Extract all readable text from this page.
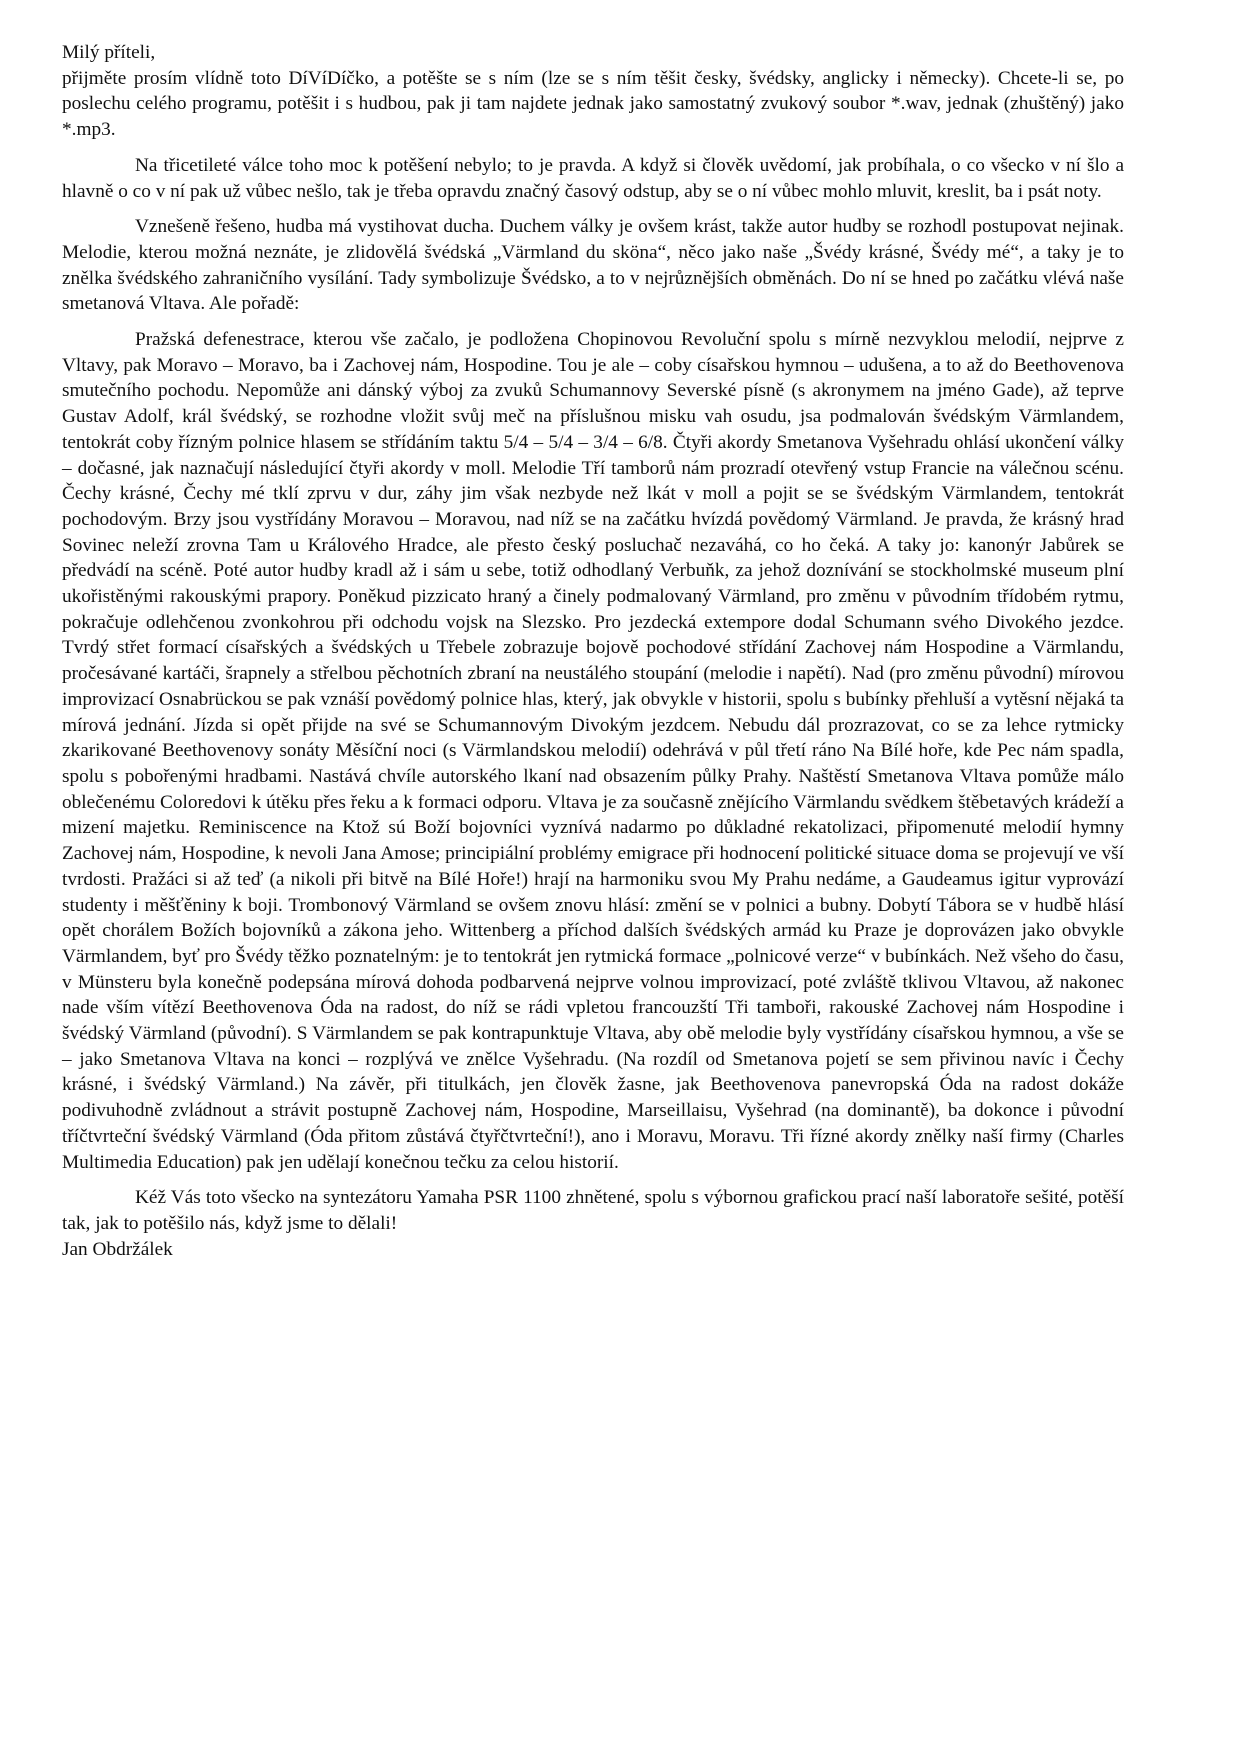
Milý příteli,

přijměte prosím vlídně toto DíVíDíčko, a potěšte se s ním (lze se s ním těšit česky, švédsky, anglicky i německy). Chcete-li se, po poslechu celého programu, potěšit i s hudbou, pak ji tam najdete jednak jako samostatný zvukový soubor *.wav, jednak (zhuštěný) jako *.mp3.

Na třicetileté válce toho moc k potěšení nebylo; to je pravda. A když si člověk uvědomí, jak probíhala, o co všecko v ní šlo a hlavně o co v ní pak už vůbec nešlo, tak je třeba opravdu značný časový odstup, aby se o ní vůbec mohlo mluvit, kreslit, ba i psát noty.

Vznešeně řešeno, hudba má vystihovat ducha. Duchem války je ovšem krást, takže autor hudby se rozhodl postupovat nejinak. Melodie, kterou možná neznáte, je zlidovělá švédská „Värmland du sköna“, něco jako naše „Švédy krásné, Švédy mé“, a taky je to znělka švédského zahraničního vysílání. Tady symbolizuje Švédsko, a to v nejrůznějších obměnách. Do ní se hned po začátku vlévá naše smetanová Vltava. Ale pořadě:

Pražská defenestrace, kterou vše začalo, je podložena Chopinovou Revoluční spolu s mírně nezvyklou melodií, nejprve z Vltavy, pak Moravo – Moravo, ba i Zachovej nám, Hospodine. Tou je ale – coby císařskou hymnou – udušena, a to až do Beethovenova smutečního pochodu. Nepomůže ani dánský výboj za zvuků Schumannovy Severské písně (s akronymem na jméno Gade), až teprve Gustav Adolf, král švédský, se rozhodne vložit svůj meč na příslušnou misku vah osudu, jsa podmalován švédským Värmlandem, tentokrát coby řízným polnice hlasem se střídáním taktu 5/4 – 5/4 – 3/4 – 6/8. Čtyři akordy Smetanova Vyšehradu ohlásí ukončení války – dočasné, jak naznačují následující čtyři akordy v moll. Melodie Tří tamborů nám prozradí otevřený vstup Francie na válečnou scénu. Čechy krásné, Čechy mé tklí zprvu v dur, záhy jim však nezbyde než lkát v moll a pojit se se švédským Värmlandem, tentokrát pochodovým. Brzy jsou vystřídány Moravou – Moravou, nad níž se na začátku hvízdá povědomý Värmland. Je pravda, že krásný hrad Sovinec neleží zrovna Tam u Králového Hradce, ale přesto český posluchač nezaváhá, co ho čeká. A taky jo: kanonýr Jabůrek se předvádí na scéně. Poté autor hudby kradl až i sám u sebe, totiž odhodlaný Verbuňk, za jehož doznívání se stockholmské museum plní ukořistěnými rakouskými prapory. Poněkud pizzicato hraný a činely podmalovaný Värmland, pro změnu v původním třídobém rytmu, pokračuje odlehčenou zvonkohrou při odchodu vojsk na Slezsko. Pro jezdecká extempore dodal Schumann svého Divokého jezdce. Tvrdý střet formací císařských a švédských u Třebele zobrazuje bojově pochodové střídání Zachovej nám Hospodine a Värmlandu, pročesávané kartáči, šrapnely a střelbou pěchotních zbraní na neustálého stoupání (melodie i napětí). Nad (pro změnu původní) mírovou improvizací Osnabrückou se pak vznáší povědomý polnice hlas, který, jak obvykle v historii, spolu s bubínky přehluší a vytěsní nějaká ta mírová jednání. Jízda si opět přijde na své se Schumannovým Divokým jezdcem. Nebudu dál prozrazovat, co se za lehce rytmicky zkarikované Beethovenovy sonáty Měsíční noci (s Värmlandskou melodií) odehrává v půl třetí ráno Na Bílé hoře, kde Pec nám spadla, spolu s pobořenými hradbami. Nastává chvíle autorského lkaní nad obsazením půlky Prahy. Naštěstí Smetanova Vltava pomůže málo oblečenému Coloredovi k útěku přes řeku a k formaci odporu. Vltava je za současně znějícího Värmlandu svědkem štěbetavých krádeží a mizení majetku. Reminiscence na Ktož sú Boží bojovníci vyznívá nadarmo po důkladné rekatolizaci, připomenuté melodií hymny Zachovej nám, Hospodine, k nevoli Jana Amose; principiální problémy emigrace při hodnocení politické situace doma se projevují ve vší tvrdosti. Pražáci si až teď (a nikoli při bitvě na Bílé Hoře!) hrají na harmoniku svou My Prahu nedáme, a Gaudeamus igitur vyprovází studenty i měšťěniny k boji. Trombonový Värmland se ovšem znovu hlásí: změní se v polnici a bubny. Dobytí Tábora se v hudbě hlásí opět chorálem Božích bojovníků a zákona jeho. Wittenberg a příchod dalších švédských armád ku Praze je doprovázen jako obvykle Värmlandem, byť pro Švédy těžko poznatelným: je to tentokrát jen rytmická formace „polnicové verze“ v bubínkách. Než všeho do času, v Münsteru byla konečně podepsána mírová dohoda podbarvená nejprve volnou improvizací, poté zvláště tklivou Vltavou, až nakonec nade vším vítězí Beethovenova Óda na radost, do níž se rádi vpletou francouzští Tři tamboři, rakouské Zachovej nám Hospodine i švédský Värmland (původní). S Värmlandem se pak kontrapunktuje Vltava, aby obě melodie byly vystřídány císařskou hymnou, a vše se – jako Smetanova Vltava na konci – rozplývá ve znělce Vyšehradu. (Na rozdíl od Smetanova pojetí se sem přivinou navíc i Čechy krásné, i švédský Värmland.) Na závěr, při titulkách, jen člověk žasne, jak Beethovenova panevropská Óda na radost dokáže podivuhodně zvládnout a strávit postupně Zachovej nám, Hospodine, Marseillaisu, Vyšehrad (na dominantě), ba dokonce i původní tříčtvrteční švédský Värmland (Óda přitom zůstává čtyřčtvrteční!), ano i Moravu, Moravu. Tři řízné akordy znělky naší firmy (Charles Multimedia Education) pak jen udělají konečnou tečku za celou historií.

Kéž Vás toto všecko na syntezátoru Yamaha PSR 1100 zhnětené, spolu s výbornou grafickou prací naší laboratoře sešité, potěší tak, jak to potěšilo nás, když jsme to dělali!

Jan Obdržálek
